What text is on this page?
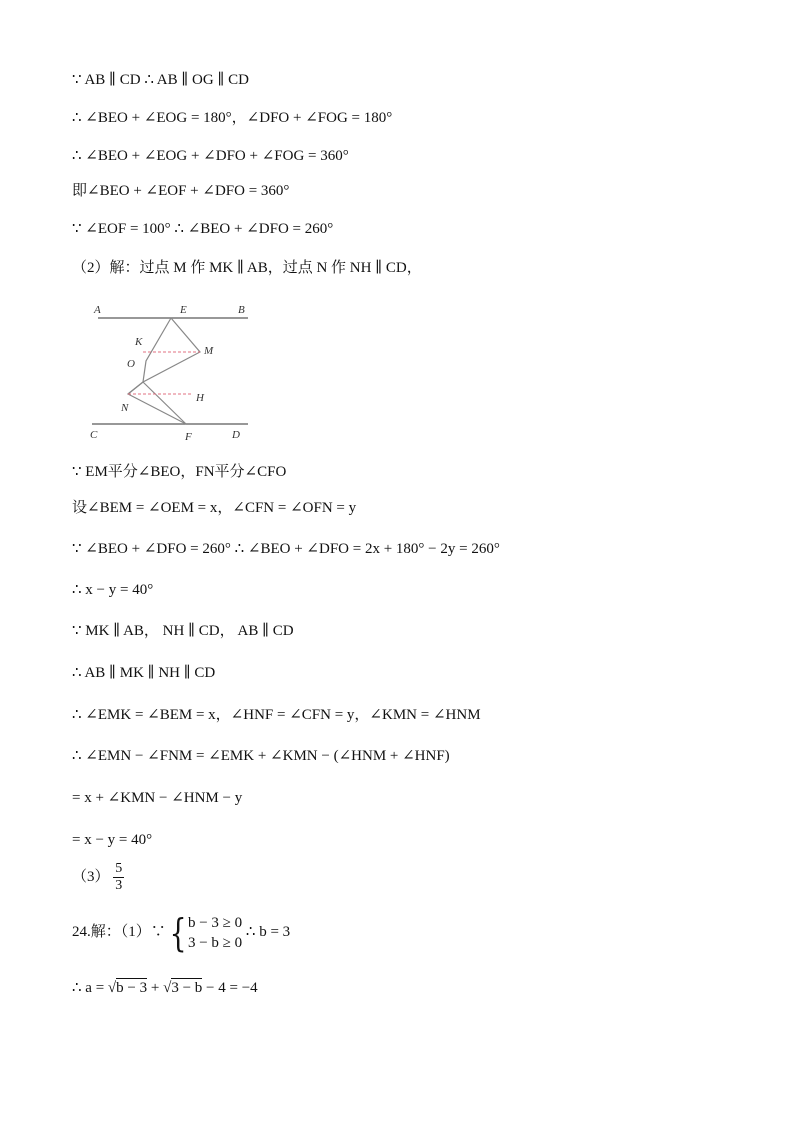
∵ AB ∥ CD ∴ AB ∥ OG ∥ CD
∴ ∠BEO + ∠EOG = 180°，∠DFO + ∠FOG = 180°
∴ ∠BEO + ∠EOG + ∠DFO + ∠FOG = 360°
即∠BEO + ∠EOF + ∠DFO = 360°
∵ ∠EOF = 100° ∴ ∠BEO + ∠DFO = 260°
（2）解：过点 M 作 MK ∥ AB，过点 N 作 NH ∥ CD，
A	E	B
K
M
O
N
H
C	F	D
∵ EM平分∠BEO，FN平分∠CFO
设∠BEM = ∠OEM = x，∠CFN = ∠OFN = y
∵ ∠BEO + ∠DFO = 260° ∴ ∠BEO + ∠DFO = 2x + 180° − 2y = 260°
∴ x − y = 40°
∵ MK ∥ AB， NH ∥ CD， AB ∥ CD
∴ AB ∥ MK ∥ NH ∥ CD
∴ ∠EMK = ∠BEM = x，∠HNF = ∠CFN = y，∠KMN = ∠HNM
∴ ∠EMN − ∠FNM = ∠EMK + ∠KMN − (∠HNM + ∠HNF)
= x + ∠KMN − ∠HNM − y
= x − y = 40°
$(3) \frac{5}{3}$
24.解：（1）∵{ b − 3 ≥ 0
3 − b ≥ 0
∴ b = 3
∴ a = √b − 3 + √3 − b − 4 = −4
